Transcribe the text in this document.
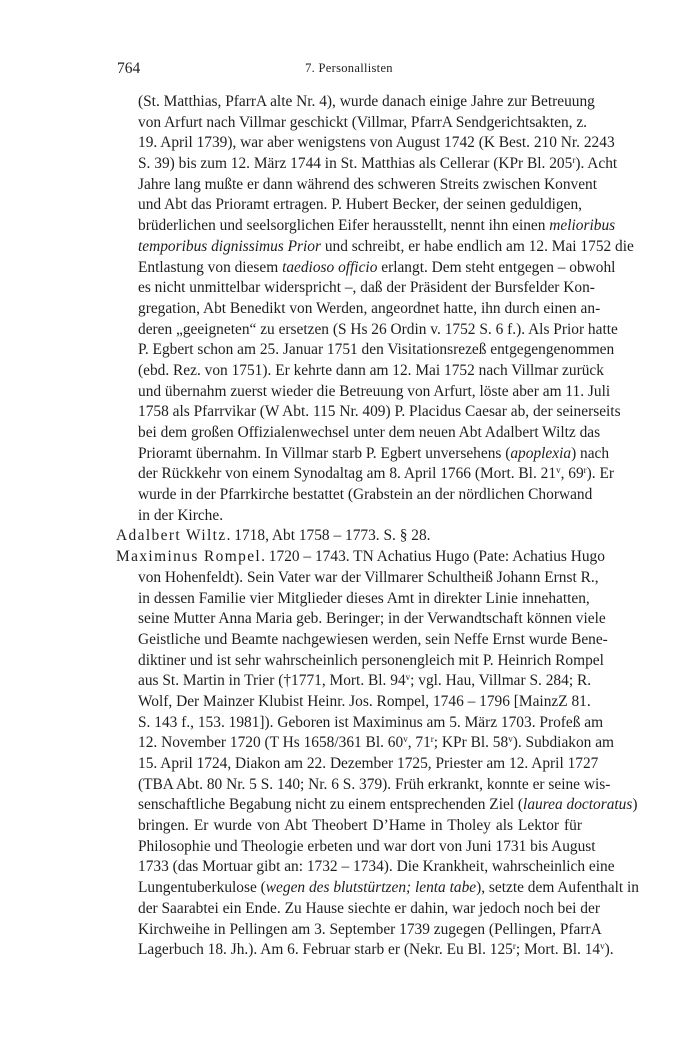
764	7. Personallisten
(St. Matthias, PfarrA alte Nr. 4), wurde danach einige Jahre zur Betreuung
von Arfurt nach Villmar geschickt (Villmar, PfarrA Sendgerichtsakten, z.
19. April 1739), war aber wenigstens von August 1742 (K Best. 210 Nr. 2243
S. 39) bis zum 12. März 1744 in St. Matthias als Cellerar (KPr Bl. 205$^r$). Acht
Jahre lang mußte er dann während des schweren Streits zwischen Konvent
und Abt das Prioramt ertragen. P. Hubert Becker, der seinen geduldigen,
brüderlichen und seelsorglichen Eifer herausstellt, nennt ihn einen melioribus
temporibus dignissimus Prior und schreibt, er habe endlich am 12. Mai 1752 die
Entlastung von diesem taedioso officio erlangt. Dem steht entgegen – obwohl
es nicht unmittelbar widerspricht –, daß der Präsident der Bursfelder Kon-
gregation, Abt Benedikt von Werden, angeordnet hatte, ihn durch einen an-
deren „geeigneten“ zu ersetzen (S Hs 26 Ordin v. 1752 S. 6 f.). Als Prior hatte
P. Egbert schon am 25. Januar 1751 den Visitationsrezeß entgegengenommen
(ebd. Rez. von 1751). Er kehrte dann am 12. Mai 1752 nach Villmar zurück
und übernahm zuerst wieder die Betreuung von Arfurt, löste aber am 11. Juli
1758 als Pfarrvikar (W Abt. 115 Nr. 409) P. Placidus Caesar ab, der seinerseits
bei dem großen Offizialenwechsel unter dem neuen Abt Adalbert Wiltz das
Prioramt übernahm. In Villmar starb P. Egbert unversehens (apoplexia) nach
der Rückkehr von einem Synodaltag am 8. April 1766 (Mort. Bl. 21$^v$, 69$^r$). Er
wurde in der Pfarrkirche bestattet (Grabstein an der nördlichen Chorwand
in der Kirche.
Adalbert Wiltz. 1718, Abt 1758 – 1773. S. § 28.
Maximinus Rompel. 1720 – 1743. TN Achatius Hugo (Pate: Achatius Hugo
von Hohenfeldt). Sein Vater war der Villmarer Schultheiß Johann Ernst R.,
in dessen Familie vier Mitglieder dieses Amt in direkter Linie innehatten,
seine Mutter Anna Maria geb. Beringer; in der Verwandtschaft können viele
Geistliche und Beamte nachgewiesen werden, sein Neffe Ernst wurde Bene-
diktiner und ist sehr wahrscheinlich personengleich mit P. Heinrich Rompel
aus St. Martin in Trier (†1771, Mort. Bl. 94$^v$; vgl. Hau, Villmar S. 284; R.
Wolf, Der Mainzer Klubist Heinr. Jos. Rompel, 1746 – 1796 [MainzZ 81.
S. 143 f., 153. 1981]). Geboren ist Maximinus am 5. März 1703. Profeß am
12. November 1720 (T Hs 1658/361 Bl. 60$^v$, 71$^r$; KPr Bl. 58$^v$). Subdiakon am
15. April 1724, Diakon am 22. Dezember 1725, Priester am 12. April 1727
(TBA Abt. 80 Nr. 5 S. 140; Nr. 6 S. 379). Früh erkrankt, konnte er seine wis-
senschaftliche Begabung nicht zu einem entsprechenden Ziel (laurea doctoratus)
bringen. Er wurde von Abt Theobert D’Hame in Tholey als Lektor für
Philosophie und Theologie erbeten und war dort von Juni 1731 bis August
1733 (das Mortuar gibt an: 1732 – 1734). Die Krankheit, wahrscheinlich eine
Lungentuberkulose (wegen des blutstürtzen; lenta tabe), setzte dem Aufenthalt in
der Saarabtei ein Ende. Zu Hause siechte er dahin, war jedoch noch bei der
Kirchweihe in Pellingen am 3. September 1739 zugegen (Pellingen, PfarrA
Lagerbuch 18. Jh.). Am 6. Februar starb er (Nekr. Eu Bl. 125$^r$; Mort. Bl. 14$^v$).
